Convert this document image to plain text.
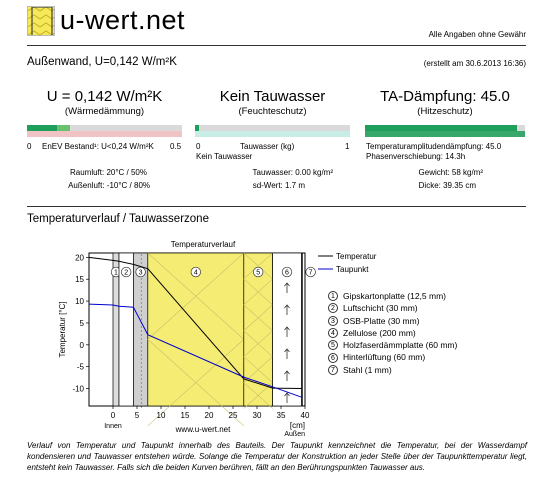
u-wert.net	Alle Angaben ohne Gewähr
Außenwand, U=0,142 W/m²K	(erstellt am 30.6.2013 16:36)
U = 0,142 W/m²K
(Wärmedämmung)
0 EnEV Bestand¹: U<0,24 W/m²K 0.5
Raumluft: 20°C / 50%
Außenluft: -10°C / 80%
Kein Tauwasser
(Feuchteschutz)
0	Tauwasser (kg)	1
Kein Tauwasser
Tauwasser: 0.00 kg/m²
sd-Wert: 1.7 m
TA-Dämpfung: 45.0
(Hitzeschutz)
Temperaturamplitudendämpfung: 45.0
Phasenverschiebung: 14.3h
Gewicht: 58 kg/m²
Dicke: 39.35 cm
Temperaturverlauf / Tauwasserzone
1 2 3	4	5	6	7
Temperaturverlauf
0 5 10 15 20 25 30 35 40
20
15
10
5
0
-5
-10
Temperatur [°C]
[cm]
Außen
Innen	www.u-wert.net
Temperatur
Taupunkt
1 Gipskartonplatte (12,5 mm)
2 Luftschicht (30 mm)
3 OSB-Platte (30 mm)
4 Zellulose (200 mm)
5 Holzfaserdämmplatte (60 mm)
6 Hinterlüftung (60 mm)
7 Stahl (1 mm)
Verlauf von Temperatur und Taupunkt innerhalb des Bauteils. Der Taupunkt kennzeichnet die Temperatur, bei der Wasserdampf kondensieren und Tauwasser entstehen würde. Solange die Temperatur der Konstruktion an jeder Stelle über der Taupunkttemperatur liegt, entsteht kein Tauwasser. Falls sich die beiden Kurven berühren, fällt an den Berührungspunkten Tauwasser aus.
